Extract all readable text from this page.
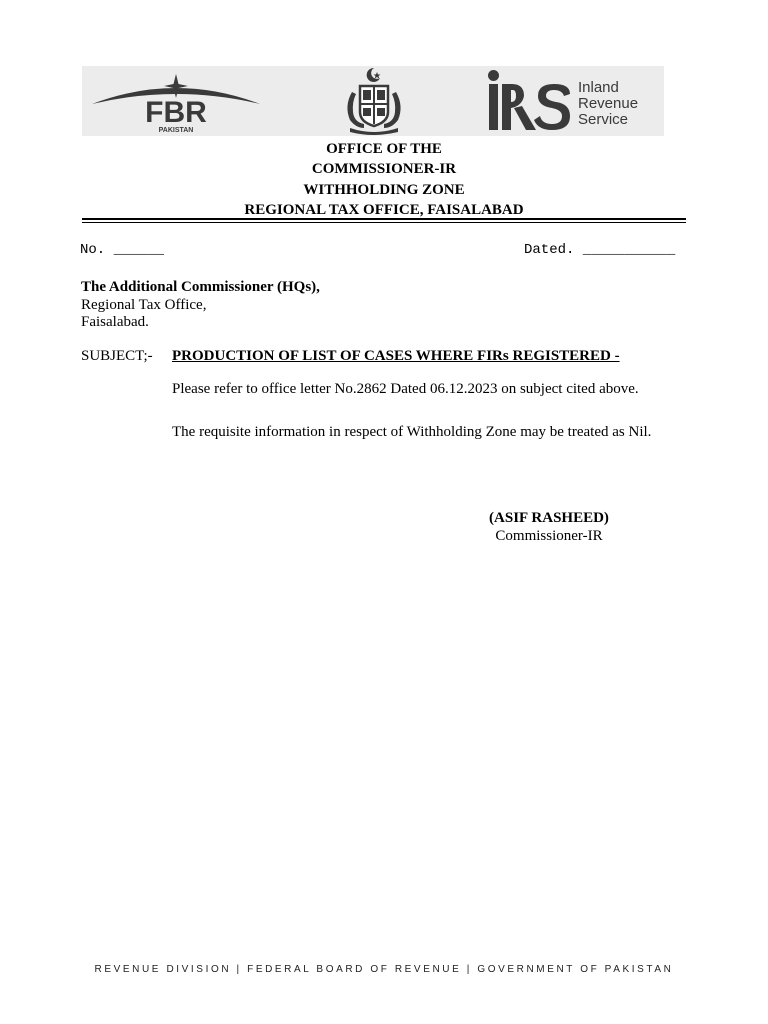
FBR
PAKISTAN
Inland
Revenue
Service
OFFICE OF THE
COMMISSIONER-IR
WITHHOLDING ZONE
REGIONAL TAX OFFICE, FAISALABAD
No. ______	Dated. ___________
The Additional Commissioner (HQs),
Regional Tax Office,
Faisalabad.
SUBJECT;- PRODUCTION OF LIST OF CASES WHERE FIRs REGISTERED -
Please refer to office letter No.2862 Dated 06.12.2023 on subject cited above.
The requisite information in respect of Withholding Zone may be treated as Nil.
(ASIF RASHEED)
Commissioner-IR
REVENUE DIVISION | FEDERAL BOARD OF REVENUE | GOVERNMENT OF PAKISTAN
